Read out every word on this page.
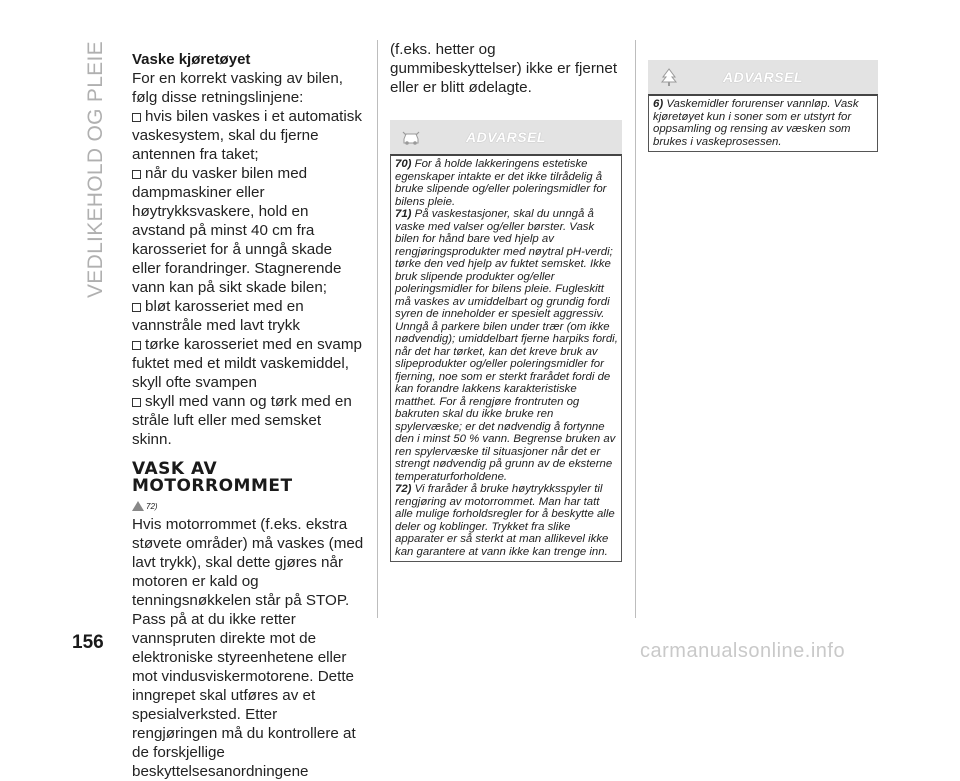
VEDLIKEHOLD OG PLEIE Vaske kjøretøyet

For en korrekt vasking av bilen, følg disse retningslinjene:

hvis bilen vaskes i et automatisk vaskesystem, skal du fjerne antennen fra taket;

når du vasker bilen med dampmaskiner eller høytrykksvaskere, hold en avstand på minst 40 cm fra karosseriet for å unngå skade eller forandringer. Stagnerende vann kan på sikt skade bilen;

bløt karosseriet med en vannstråle med lavt trykk

tørke karosseriet med en svamp fuktet med et mildt vaskemiddel, skyll ofte svampen

skyll med vann og tørk med en stråle luft eller med semsket skinn.

VASK AV
MOTORROMMET
72)

Hvis motorrommet (f.eks. ekstra støvete områder) må vaskes (med lavt trykk), skal dette gjøres når motoren er kald og tenningsnøkkelen står på STOP. Pass på at du ikke retter vannspruten direkte mot de elektroniske styreenhetene eller mot vindusviskermotorene. Dette inngrepet skal utføres av et spesialverksted. Etter rengjøringen må du kontrollere at de forskjellige beskyttelsesanordningene

(f.eks. hetter og gummibeskyttelser) ikke er fjernet eller er blitt ødelagte.

ADVARSEL

70) For å holde lakkeringens estetiske egenskaper intakte er det ikke tilrådelig å bruke slipende og/eller poleringsmidler for bilens pleie.

71) På vaskestasjoner, skal du unngå å vaske med valser og/eller børster. Vask bilen for hånd bare ved hjelp av rengjøringsprodukter med nøytral pH-verdi; tørke den ved hjelp av fuktet semsket. Ikke bruk slipende produkter og/eller poleringsmidler for bilens pleie. Fugleskitt må vaskes av umiddelbart og grundig fordi syren de inneholder er spesielt aggressiv. Unngå å parkere bilen under trær (om ikke nødvendig); umiddelbart fjerne harpiks fordi, når det har tørket, kan det kreve bruk av slipeprodukter og/eller poleringsmidler for fjerning, noe som er sterkt frarådet fordi de kan forandre lakkens karakteristiske matthet. For å rengjøre frontruten og bakruten skal du ikke bruke ren spylervæske; er det nødvendig å fortynne den i minst 50 % vann. Begrense bruken av ren spylervæske til situasjoner når det er strengt nødvendig på grunn av de eksterne temperaturforholdene.

72) Vi fraråder å bruke høytrykksspyler til rengjøring av motorrommet. Man har tatt alle mulige forholdsregler for å beskytte alle deler og koblinger. Trykket fra slike apparater er så sterkt at man allikevel ikke kan garantere at vann ikke kan trenge inn.

ADVARSEL

6) Vaskemidler forurenser vannløp. Vask kjøretøyet kun i soner som er utstyrt for oppsamling og rensing av væsken som brukes i vaskeprosessen.

156	carmanualsonline.info
